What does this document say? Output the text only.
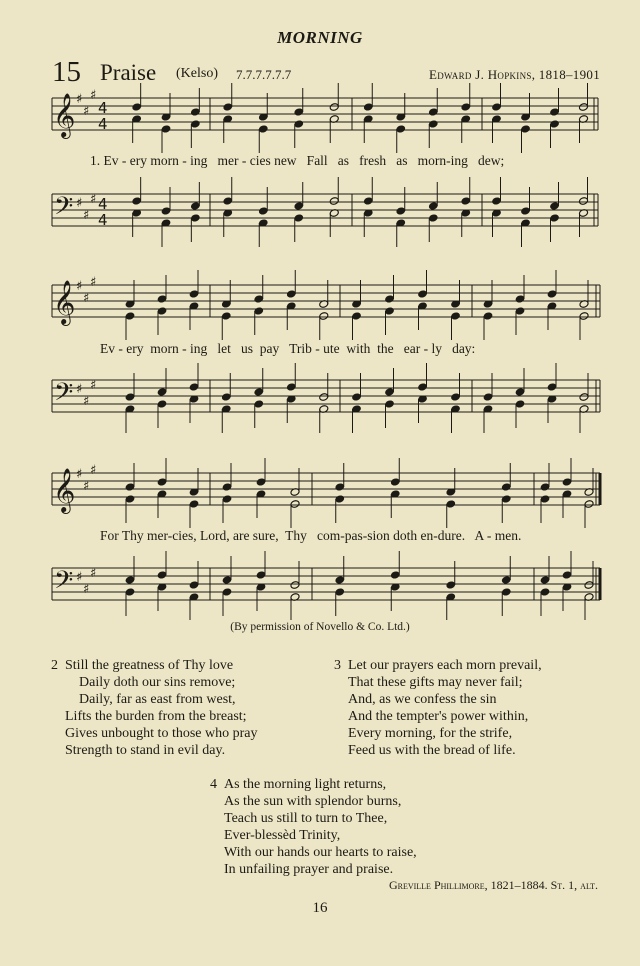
MORNING
15 Praise (Kelso) 7.7.7.7.7.7	Edward J. Hopkins, 1818–1901
𝄞 ♯
♯
♯
4
4
𝄢 ♯
♯
♯ 4
4
𝄞 ♯
♯
♯
𝄢 ♯
♯
♯
𝄞 ♯
♯
♯
𝄢 ♯
♯
♯
1. Ev - ery morn - ing   mer - cies new   Fall   as   fresh   as   morn-ing   dew;
Ev - ery  morn - ing   let   us  pay   Trib - ute  with  the   ear - ly   day:
For Thy mer-cies, Lord, are sure,  Thy   com-pas-sion doth en-dure.   A - men.
(By permission of Novello & Co. Ltd.)
2 Still the greatness of Thy love
Daily doth our sins remove;
Daily, far as east from west,
Lifts the burden from the breast;
Gives unbought to those who pray
Strength to stand in evil day.
3 Let our prayers each morn prevail,
That these gifts may never fail;
And, as we confess the sin
And the tempter's power within,
Every morning, for the strife,
Feed us with the bread of life.
4 As the morning light returns,
As the sun with splendor burns,
Teach us still to turn to Thee,
Ever-blessèd Trinity,
With our hands our hearts to raise,
In unfailing prayer and praise.
Greville Phillimore, 1821–1884. St. 1, alt.
16
